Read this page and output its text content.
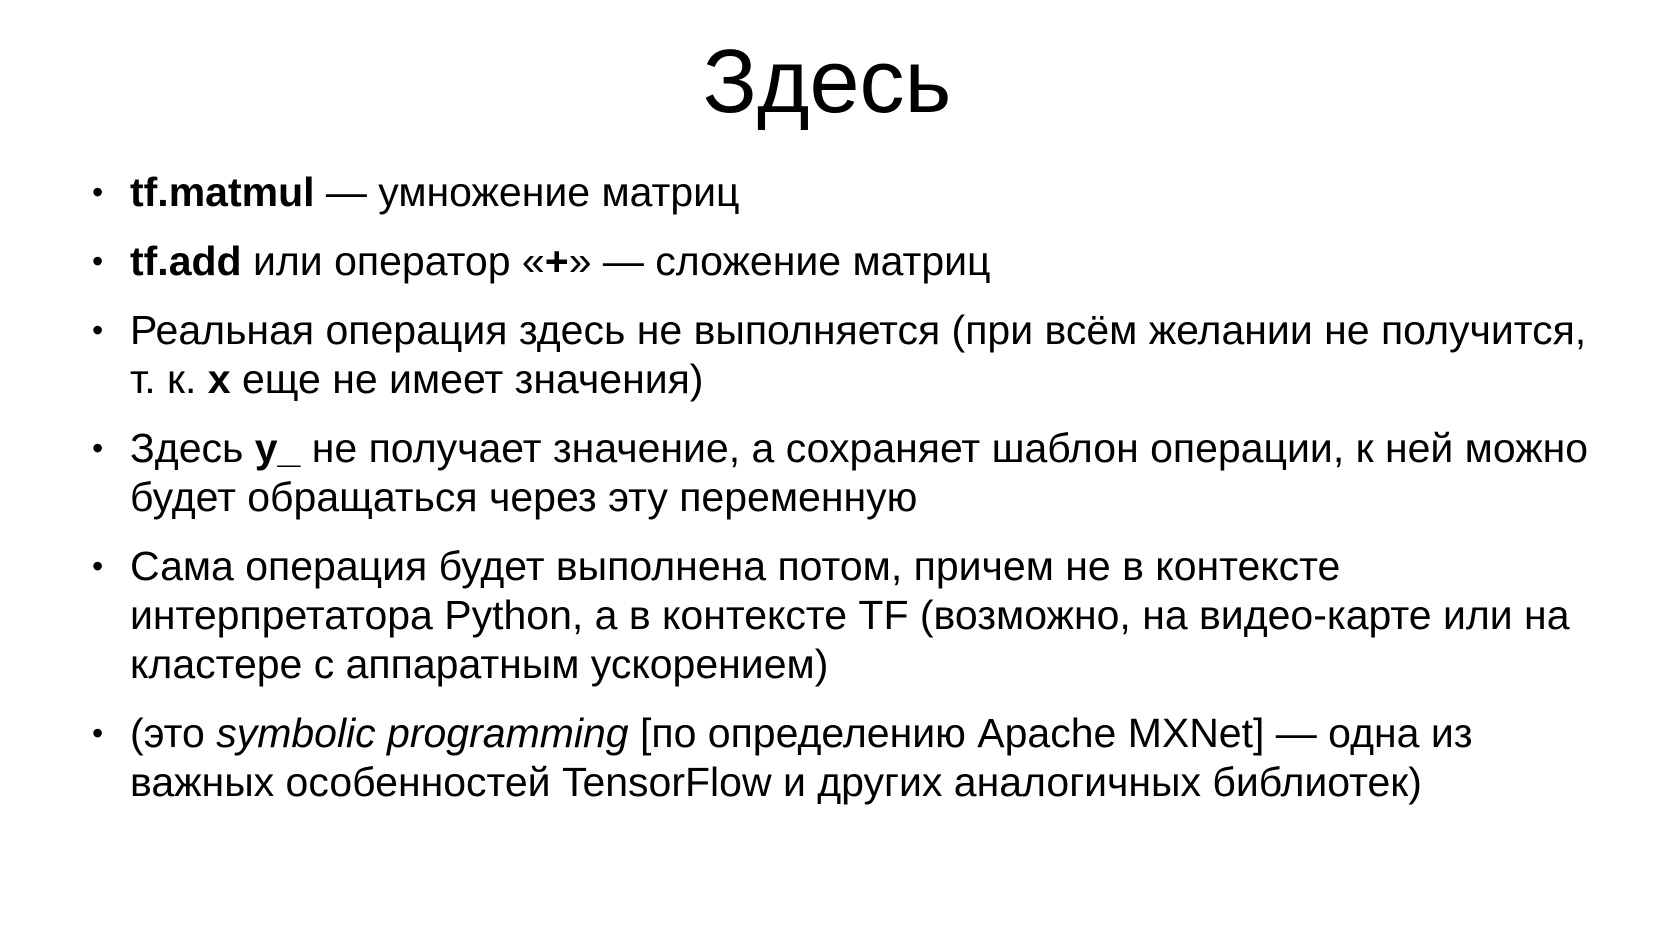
Здесь
• tf.matmul — умножение матриц
• tf.add или оператор «+» — сложение матриц
• Реальная операция здесь не выполняется (при всём желании не получится, т. к. x еще не имеет значения)
• Здесь y_ не получает значение, а сохраняет шаблон операции, к ней можно будет обращаться через эту переменную
• Сама операция будет выполнена потом, причем не в контексте интерпретатора Python, а в контексте TF (возможно, на видео-карте или на кластере с аппаратным ускорением)
• (это symbolic programming [по определению Apache MXNet] — одна из важных особенностей TensorFlow и других аналогичных библиотек)
